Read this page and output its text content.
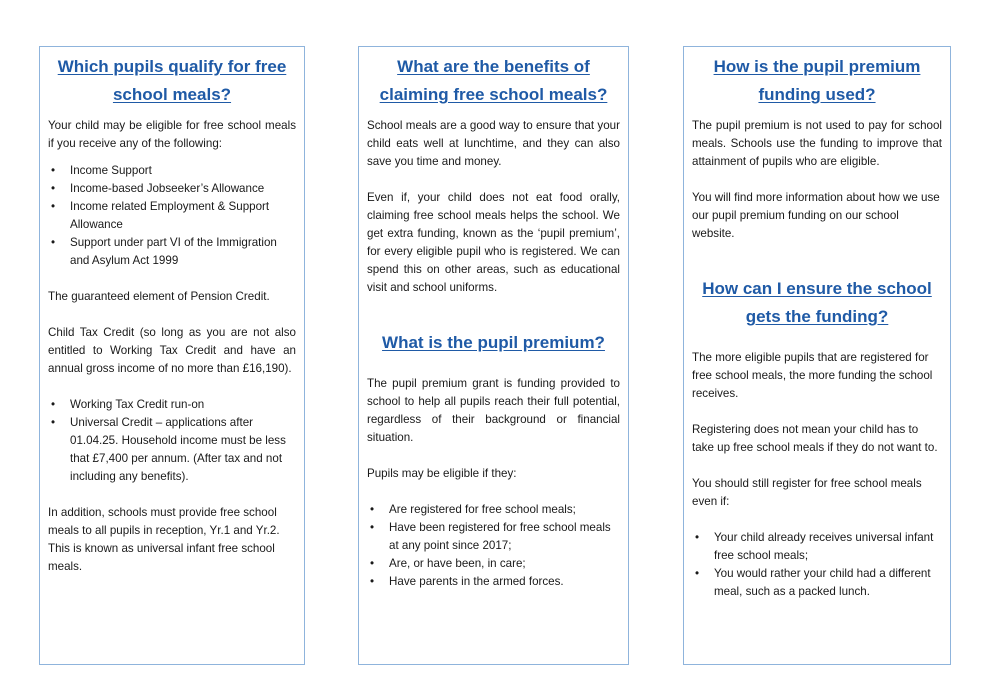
Which pupils qualify for free school meals?

Your child may be eligible for free school meals if you receive any of the following:

• Income Support
• Income-based Jobseeker’s Allowance
• Income related Employment & Support Allowance
• Support under part VI of the Immigration and Asylum Act 1999

The guaranteed element of Pension Credit.

Child Tax Credit (so long as you are not also entitled to Working Tax Credit and have an annual gross income of no more than £16,190).

• Working Tax Credit run-on
• Universal Credit – applications after 01.04.25. Household income must be less that £7,400 per annum. (After tax and not including any benefits).

In addition, schools must provide free school meals to all pupils in reception, Yr.1 and Yr.2. This is known as universal infant free school meals.

What are the benefits of claiming free school meals?

School meals are a good way to ensure that your child eats well at lunchtime, and they can also save you time and money.

Even if, your child does not eat food orally, claiming free school meals helps the school. We get extra funding, known as the ‘pupil premium’, for every eligible pupil who is registered. We can spend this on other areas, such as educational visit and school uniforms.

What is the pupil premium?

The pupil premium grant is funding provided to school to help all pupils reach their full potential, regardless of their background or financial situation.

Pupils may be eligible if they:

• Are registered for free school meals;
• Have been registered for free school meals at any point since 2017;
• Are, or have been, in care;
• Have parents in the armed forces.
How is the pupil premium funding used?

The pupil premium is not used to pay for school meals. Schools use the funding to improve that attainment of pupils who are eligible.

You will find more information about how we use our pupil premium funding on our school website.

How can I ensure the school gets the funding?

The more eligible pupils that are registered for free school meals, the more funding the school receives.

Registering does not mean your child has to take up free school meals if they do not want to.

You should still register for free school meals even if:

• Your child already receives universal infant free school meals;
• You would rather your child had a different meal, such as a packed lunch.
